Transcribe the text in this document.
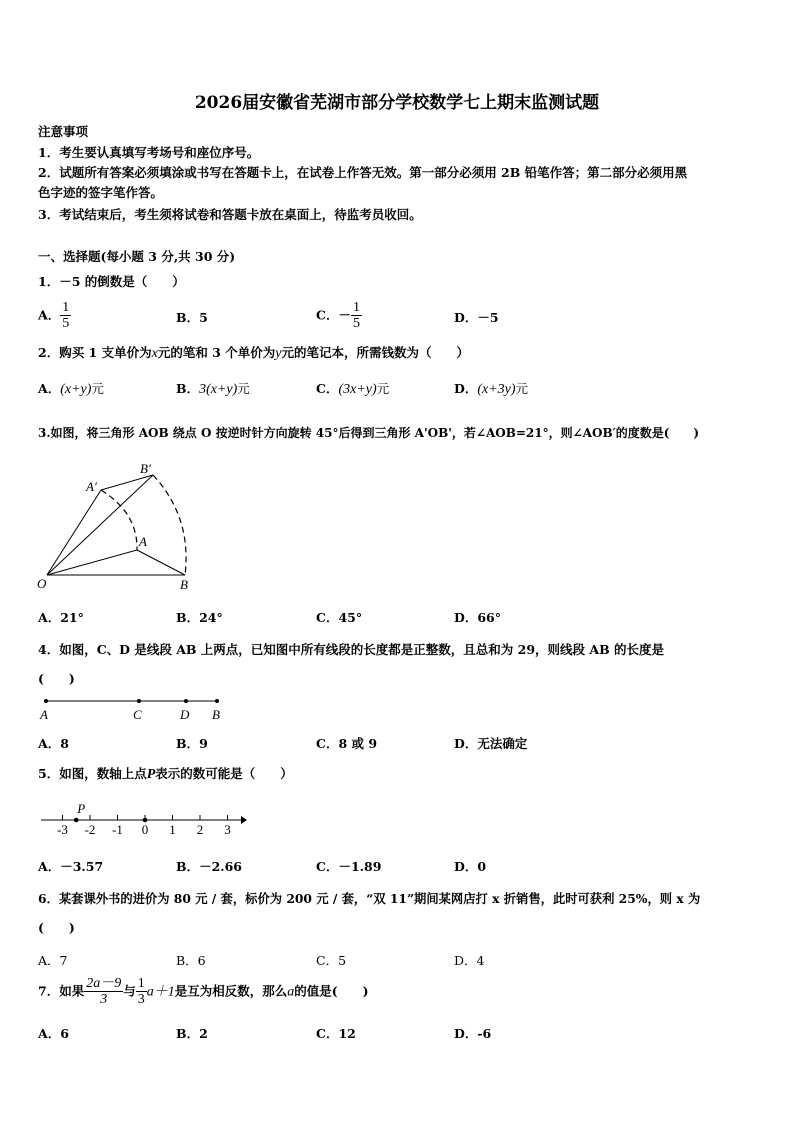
2026届安徽省芜湖市部分学校数学七上期末监测试题
注意事项
1．考生要认真填写考场号和座位序号。
2．试题所有答案必须填涂或书写在答题卡上，在试卷上作答无效。第一部分必须用 2B 铅笔作答；第二部分必须用黑
色字迹的签字笔作答。
3．考试结束后，考生须将试卷和答题卡放在桌面上，待监考员收回。
一、选择题(每小题 3 分,共 30 分)
1．－5 的倒数是（　　）
A． $\frac{1}{5}$	B．5	C．－ $\frac{1}{5}$	D．－5
2．购买 1 支单价为x元的笔和 3 个单价为y元的笔记本，所需钱数为（　　）
A．(x+y)元	B．3(x+y)元	C．(3x+y)元	D．(x+3y)元
3.如图，将三角形 AOB 绕点 O 按逆时针方向旋转 45°后得到三角形 A'OB'，若∠AOB=21°，则∠AOB′的度数是(　　)
B′
A′
A
O	B
A．21°	B．24°	C．45°	D．66°
4．如图，C、D 是线段 AB 上两点，已知图中所有线段的长度都是正整数，且总和为 29，则线段 AB 的长度是
(　　)
A	C	D B
A．8	B．9	C．8 或 9	D．无法确定
5．如图，数轴上点P表示的数可能是（　　）
-3 -2 -1 0 1 2 3
P
A．－3.57	B．－2.66	C．－1.89	D．0
6．某套课外书的进价为 80 元 / 套，标价为 200 元 / 套，“双 11”期间某网店打 x 折销售，此时可获利 25%，则 x 为
(　　)
A．7	B．6	C．5	D．4
7．如果 $\frac{2a-9}{3}$ 与 $\frac{1}{3} a+1$是互为相反数，那么a的值是(　　)
A．6	B．2	C．12	D．-6
